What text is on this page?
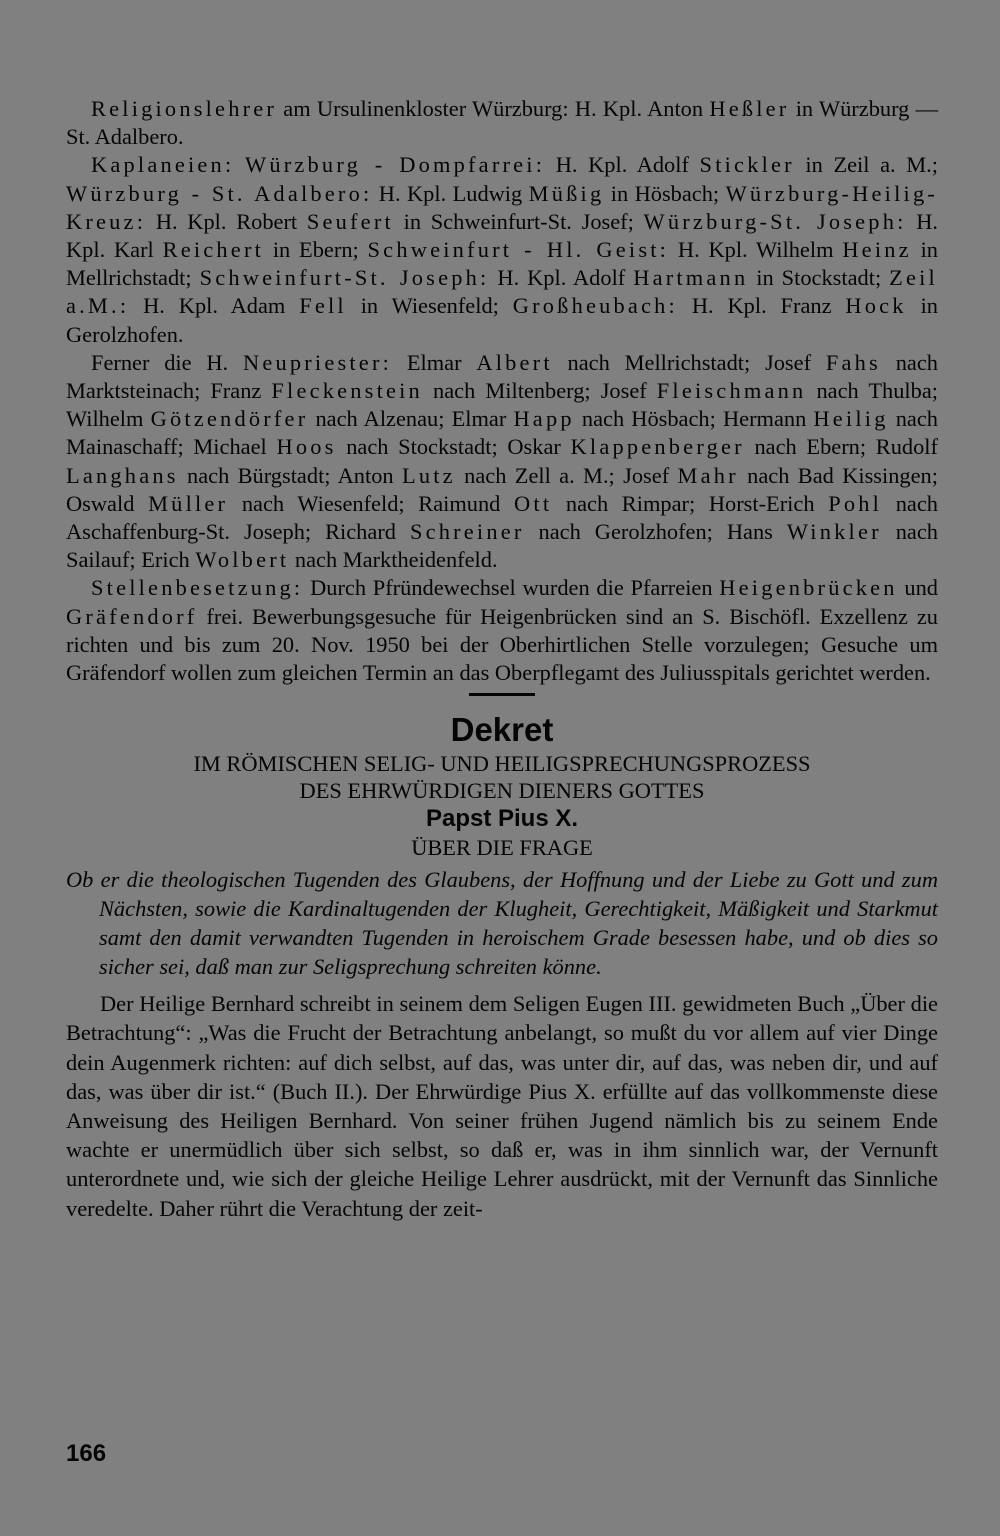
Religionslehrer am Ursulinenkloster Würzburg: H. Kpl. Anton Heßler in Würzburg — St. Adalbero.

Kaplaneien: Würzburg - Dompfarrei: H. Kpl. Adolf Stickler in Zeil a. M.; Würzburg - St. Adalbero: H. Kpl. Ludwig Müßig in Hösbach; Würzburg-Heilig-Kreuz: H. Kpl. Robert Seufert in Schweinfurt-St. Josef; Würzburg-St. Joseph: H. Kpl. Karl Reichert in Ebern; Schweinfurt - Hl. Geist: H. Kpl. Wilhelm Heinz in Mellrichstadt; Schweinfurt-St. Joseph: H. Kpl. Adolf Hartmann in Stockstadt; Zeil a.M.: H. Kpl. Adam Fell in Wiesenfeld; Großheubach: H. Kpl. Franz Hock in Gerolzhofen.

Ferner die H. Neupriester: Elmar Albert nach Mellrichstadt; Josef Fahs nach Marktsteinach; Franz Fleckenstein nach Miltenberg; Josef Fleischmann nach Thulba; Wilhelm Götzendörfer nach Alzenau; Elmar Happ nach Hösbach; Hermann Heilig nach Mainaschaff; Michael Hoos nach Stockstadt; Oskar Klappenberger nach Ebern; Rudolf Langhans nach Bürgstadt; Anton Lutz nach Zell a. M.; Josef Mahr nach Bad Kissingen; Oswald Müller nach Wiesenfeld; Raimund Ott nach Rimpar; Horst-Erich Pohl nach Aschaffenburg-St. Joseph; Richard Schreiner nach Gerolzhofen; Hans Winkler nach Sailauf; Erich Wolbert nach Marktheidenfeld.

Stellenbesetzung: Durch Pfründewechsel wurden die Pfarreien Heigenbrücken und Gräfendorf frei. Bewerbungsgesuche für Heigenbrücken sind an S. Bischöfl. Exzellenz zu richten und bis zum 20. Nov. 1950 bei der Oberhirtlichen Stelle vorzulegen; Gesuche um Gräfendorf wollen zum gleichen Termin an das Oberpflegamt des Juliusspitals gerichtet werden.

Dekret
IM RÖMISCHEN SELIG- UND HEILIGSPRECHUNGSPROZESS
DES EHRWÜRDIGEN DIENERS GOTTES
Papst Pius X.
ÜBER DIE FRAGE

Ob er die theologischen Tugenden des Glaubens, der Hoffnung und der Liebe zu Gott und zum Nächsten, sowie die Kardinaltugenden der Klugheit, Gerechtigkeit, Mäßigkeit und Starkmut samt den damit verwandten Tugenden in heroischem Grade besessen habe, und ob dies so sicher sei, daß man zur Seligsprechung schreiten könne.

Der Heilige Bernhard schreibt in seinem dem Seligen Eugen III. gewidmeten Buch „Über die Betrachtung“: „Was die Frucht der Betrachtung anbelangt, so mußt du vor allem auf vier Dinge dein Augenmerk richten: auf dich selbst, auf das, was unter dir, auf das, was neben dir, und auf das, was über dir ist.“ (Buch II.). Der Ehrwürdige Pius X. erfüllte auf das vollkommenste diese Anweisung des Heiligen Bernhard. Von seiner frühen Jugend nämlich bis zu seinem Ende wachte er unermüdlich über sich selbst, so daß er, was in ihm sinnlich war, der Vernunft unterordnete und, wie sich der gleiche Heilige Lehrer ausdrückt, mit der Vernunft das Sinnliche veredelte. Daher rührt die Verachtung der zeit-

166
